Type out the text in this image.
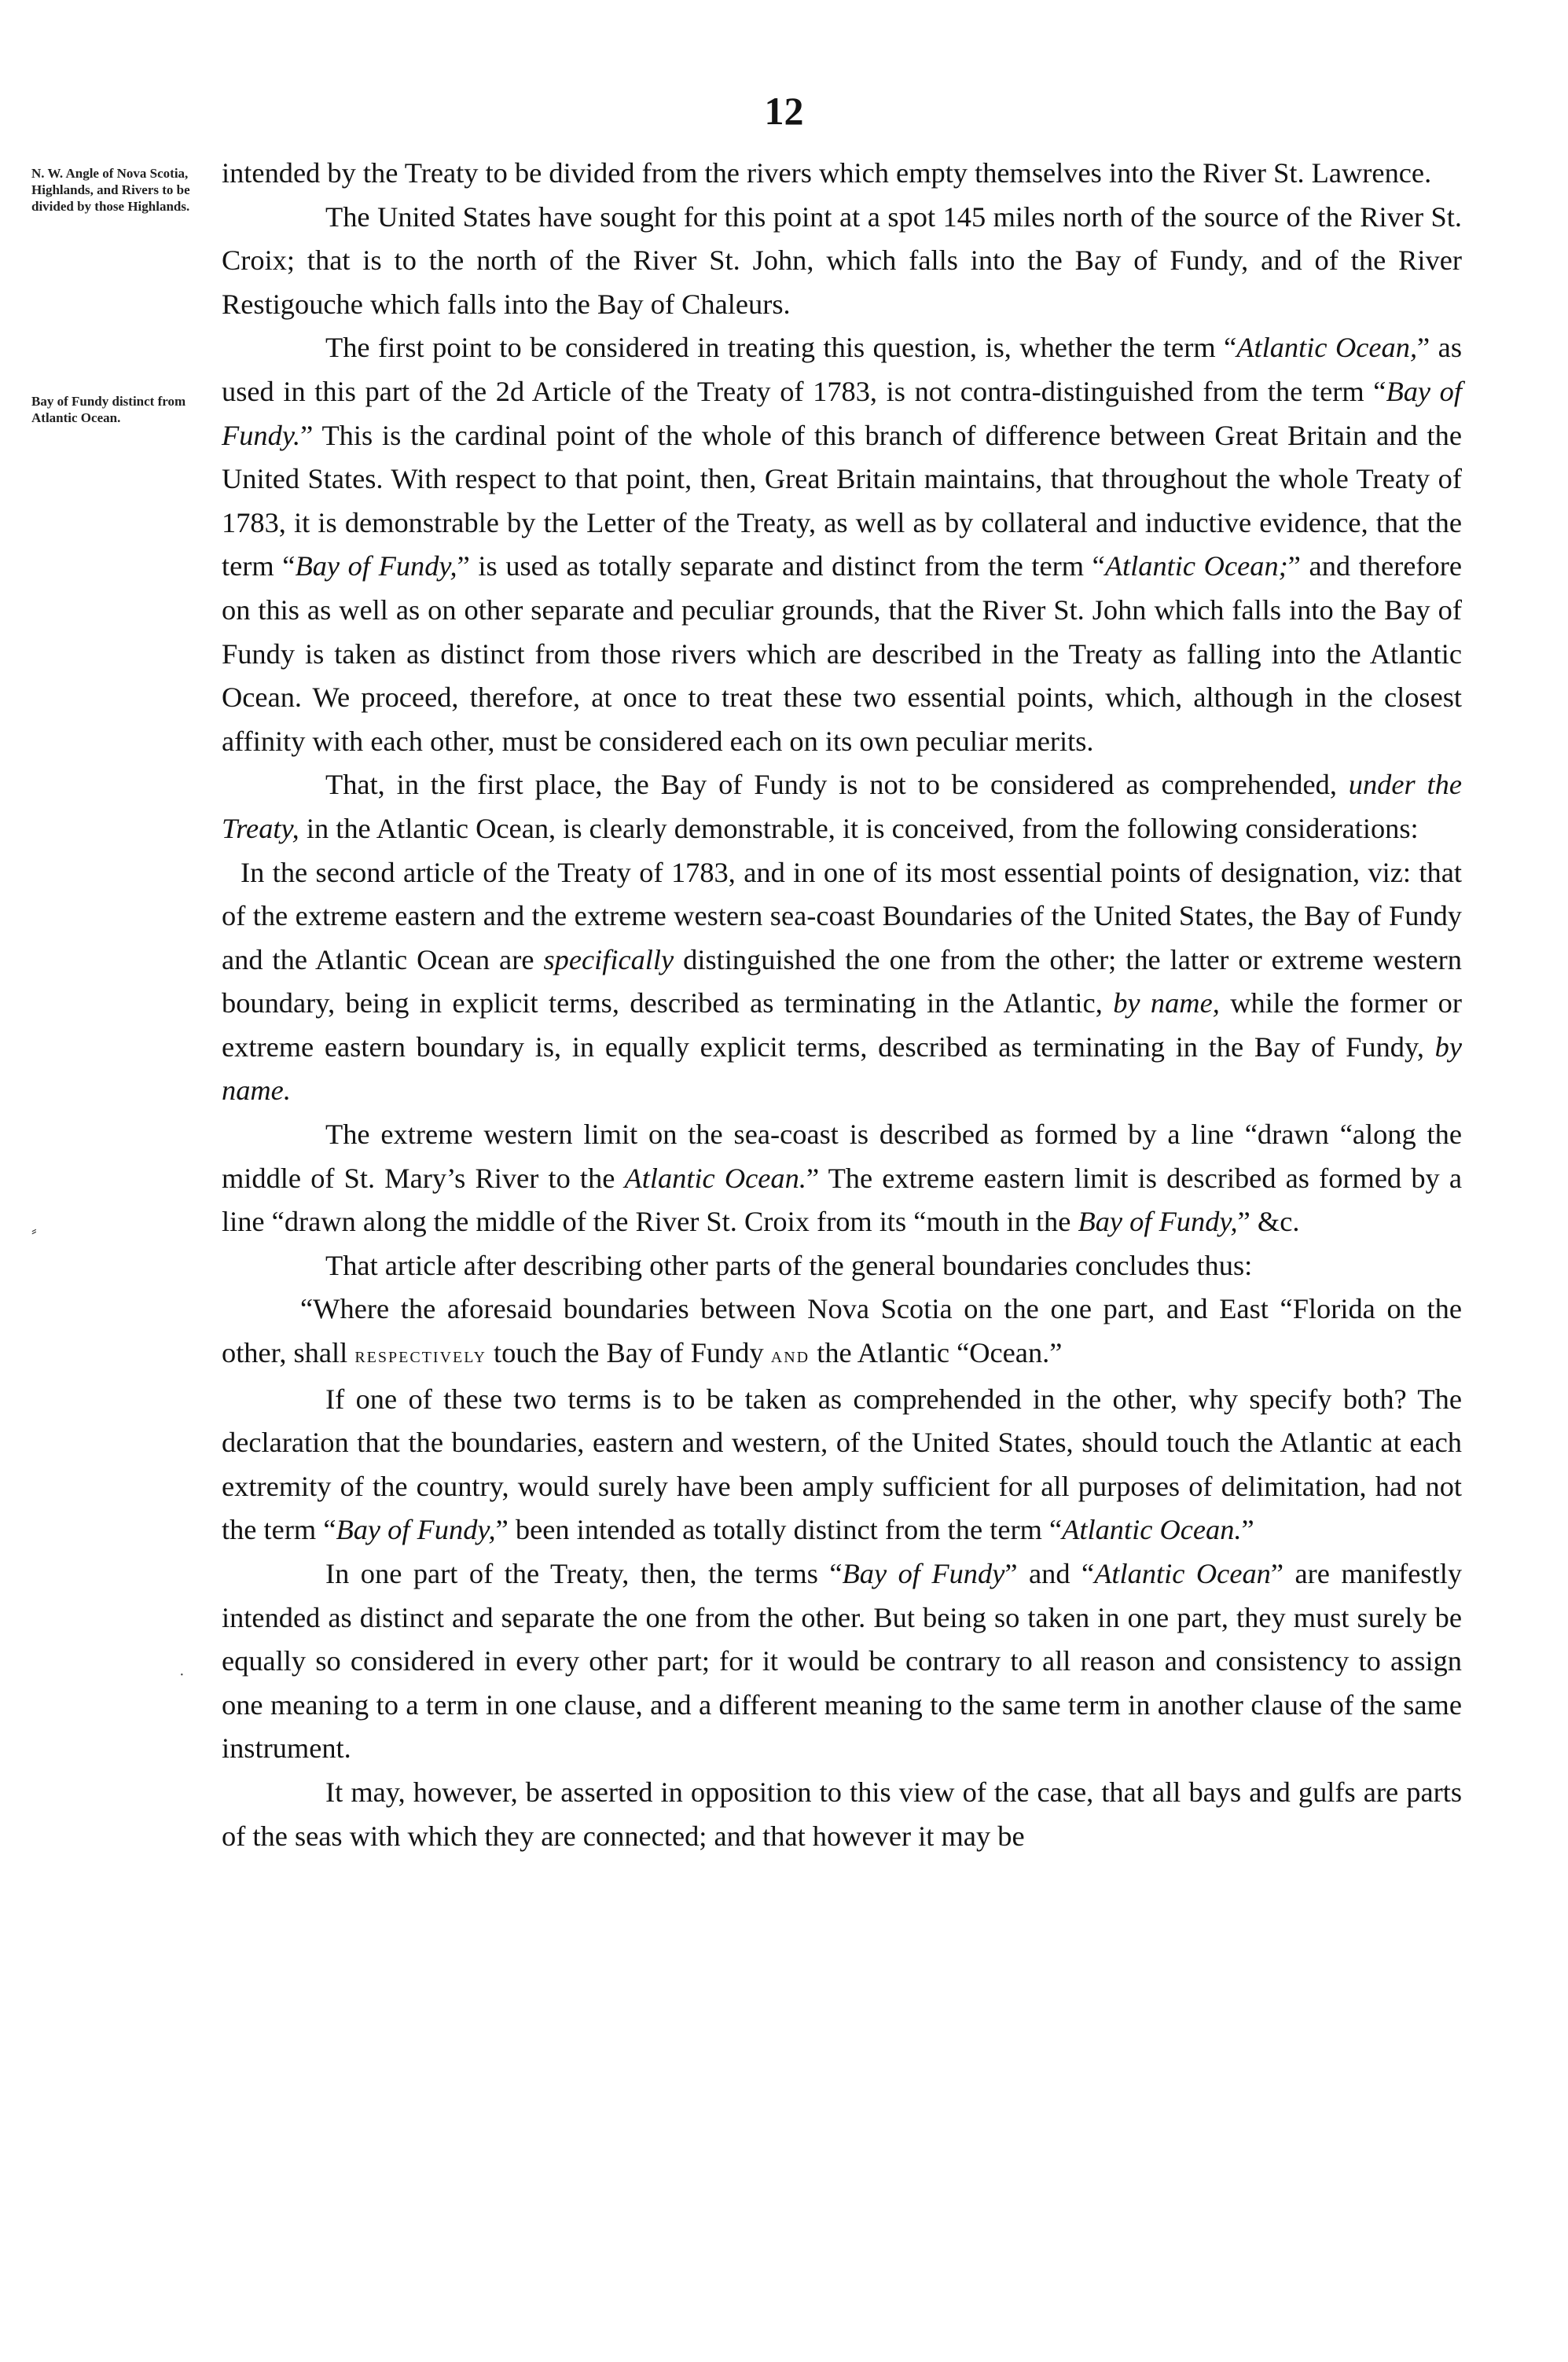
12
N. W. Angle of Nova Scotia, Highlands, and Rivers to be divided by those Highlands.
Bay of Fundy distinct from Atlantic Ocean.

intended by the Treaty to be divided from the rivers which empty themselves into the River St. Lawrence.

The United States have sought for this point at a spot 145 miles north of the source of the River St. Croix; that is to the north of the River St. John, which falls into the Bay of Fundy, and of the River Restigouche which falls into the Bay of Chaleurs.

The first point to be considered in treating this question, is, whether the term “Atlantic Ocean,” as used in this part of the 2d Article of the Treaty of 1783, is not contra-distinguished from the term “Bay of Fundy.” This is the cardinal point of the whole of this branch of difference between Great Britain and the United States. With respect to that point, then, Great Britain maintains, that throughout the whole Treaty of 1783, it is demonstrable by the Letter of the Treaty, as well as by collateral and inductive evidence, that the term “Bay of Fundy,” is used as totally separate and distinct from the term “Atlantic Ocean;” and therefore on this as well as on other separate and peculiar grounds, that the River St. John which falls into the Bay of Fundy is taken as distinct from those rivers which are described in the Treaty as falling into the Atlantic Ocean. We proceed, therefore, at once to treat these two essential points, which, although in the closest affinity with each other, must be considered each on its own peculiar merits.

That, in the first place, the Bay of Fundy is not to be considered as comprehended, under the Treaty, in the Atlantic Ocean, is clearly demonstrable, it is conceived, from the following considerations:

In the second article of the Treaty of 1783, and in one of its most essential points of designation, viz: that of the extreme eastern and the extreme western sea-coast Boundaries of the United States, the Bay of Fundy and the Atlantic Ocean are specifically distinguished the one from the other; the latter or extreme western boundary, being in explicit terms, described as terminating in the Atlantic, by name, while the former or extreme eastern boundary is, in equally explicit terms, described as terminating in the Bay of Fundy, by name.

The extreme western limit on the sea-coast is described as formed by a line “drawn “along the middle of St. Mary’s River to the Atlantic Ocean.” The extreme eastern limit is described as formed by a line “drawn along the middle of the River St. Croix from its “mouth in the Bay of Fundy,” &c.

That article after describing other parts of the general boundaries concludes thus:

“Where the aforesaid boundaries between Nova Scotia on the one part, and East “Florida on the other, shall respectively touch the Bay of Fundy and the Atlantic “Ocean.”

If one of these two terms is to be taken as comprehended in the other, why specify both? The declaration that the boundaries, eastern and western, of the United States, should touch the Atlantic at each extremity of the country, would surely have been amply sufficient for all purposes of delimitation, had not the term “Bay of Fundy,” been intended as totally distinct from the term “Atlantic Ocean.”

In one part of the Treaty, then, the terms “Bay of Fundy” and “Atlantic Ocean” are manifestly intended as distinct and separate the one from the other. But being so taken in one part, they must surely be equally so considered in every other part; for it would be contrary to all reason and consistency to assign one meaning to a term in one clause, and a different meaning to the same term in another clause of the same instrument.

It may, however, be asserted in opposition to this view of the case, that all bays and gulfs are parts of the seas with which they are connected; and that however it may be

⸗
·
